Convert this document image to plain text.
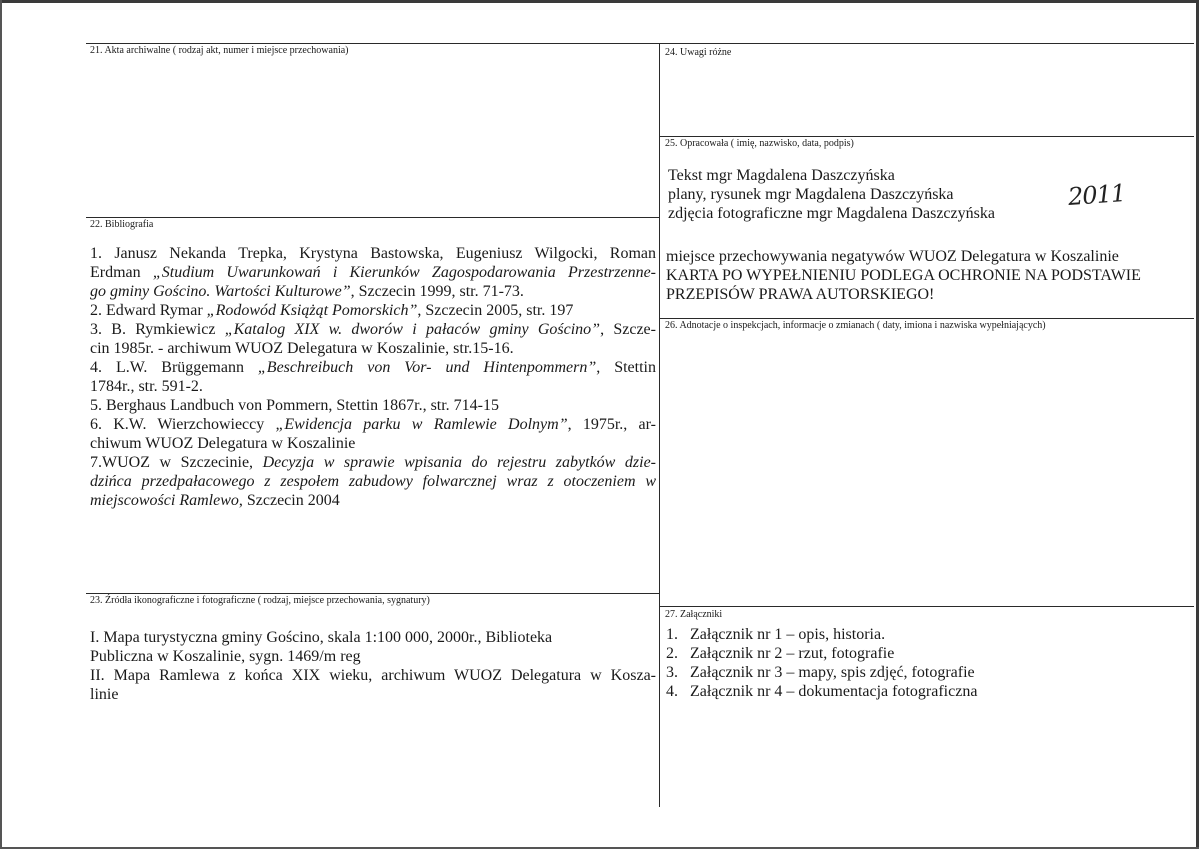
21. Akta archiwalne ( rodzaj akt, numer i miejsce przechowania)
22. Bibliografia
1. Janusz Nekanda Trepka, Krystyna Bastowska, Eugeniusz Wilgocki, Roman
Erdman „Studium Uwarunkowań i Kierunków Zagospodarowania Przestrzenne-
go gminy Gościno. Wartości Kulturowe”, Szczecin 1999, str. 71-73.
2. Edward Rymar „Rodowód Książąt Pomorskich”, Szczecin 2005, str. 197
3. B. Rymkiewicz „Katalog XIX w. dworów i pałaców gminy Gościno”, Szcze-
cin 1985r. - archiwum WUOZ Delegatura w Koszalinie, str.15-16.
4. L.W. Brüggemann „Beschreibuch von Vor- und Hintenpommern”, Stettin
1784r., str. 591-2.
5. Berghaus Landbuch von Pommern, Stettin 1867r., str. 714-15
6. K.W. Wierzchowieccy „Ewidencja parku w Ramlewie Dolnym”, 1975r., ar-
chiwum WUOZ Delegatura w Koszalinie
7.WUOZ w Szczecinie, Decyzja w sprawie wpisania do rejestru zabytków dzie-
dzińca przedpałacowego z zespołem zabudowy folwarcznej wraz z otoczeniem w
miejscowości Ramlewo, Szczecin 2004
23. Źródła ikonograficzne i fotograficzne ( rodzaj, miejsce przechowania, sygnatury)
I. Mapa turystyczna gminy Gościno, skala 1:100 000, 2000r., Biblioteka
Publiczna w Koszalinie, sygn. 1469/m reg
II. Mapa Ramlewa z końca XIX wieku, archiwum WUOZ Delegatura w Kosza-
linie
24. Uwagi różne
25. Opracowała ( imię, nazwisko, data, podpis)
Tekst mgr Magdalena Daszczyńska
plany, rysunek mgr Magdalena Daszczyńska
zdjęcia fotograficzne mgr Magdalena Daszczyńska
2011
miejsce przechowywania negatywów WUOZ Delegatura w Koszalinie
KARTA PO WYPEŁNIENIU PODLEGA OCHRONIE NA PODSTAWIE
PRZEPISÓW PRAWA AUTORSKIEGO!
26. Adnotacje o inspekcjach, informacje o zmianach ( daty, imiona i nazwiska wypełniających)
27. Załączniki
1. Załącznik nr 1 – opis, historia.
2. Załącznik nr 2 – rzut, fotografie
3. Załącznik nr 3 – mapy, spis zdjęć, fotografie
4. Załącznik nr 4 – dokumentacja fotograficzna
